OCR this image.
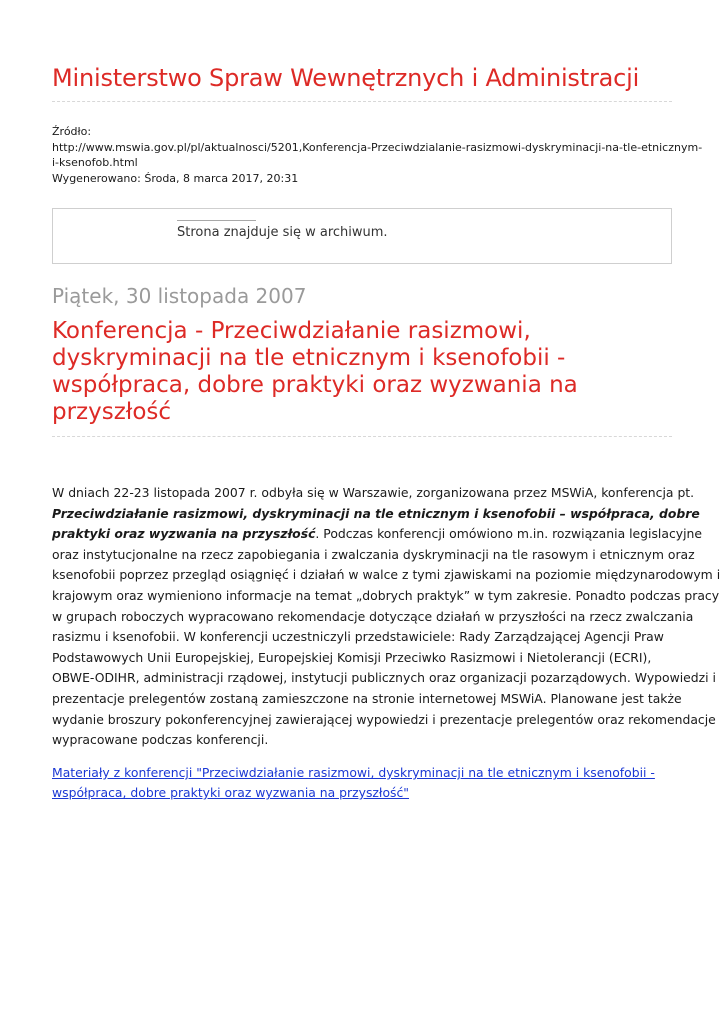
Ministerstwo Spraw Wewnętrznych i Administracji
Źródło:
http://www.mswia.gov.pl/pl/aktualnosci/5201,Konferencja-Przeciwdzialanie-rasizmowi-dyskryminacji-na-tle-etnicznym-
i-ksenofob.html
Wygenerowano: Środa, 8 marca 2017, 20:31
Strona znajduje się w archiwum.
Piątek, 30 listopada 2007
Konferencja - Przeciwdziałanie rasizmowi,
dyskryminacji na tle etnicznym i ksenofobii -
współpraca, dobre praktyki oraz wyzwania na
przyszłość
W dniach 22-23 listopada 2007 r. odbyła się w Warszawie, zorganizowana przez MSWiA, konferencja pt.
Przeciwdziałanie rasizmowi, dyskryminacji na tle etnicznym i ksenofobii – współpraca, dobre
praktyki oraz wyzwania na przyszłość. Podczas konferencji omówiono m.in. rozwiązania legislacyjne
oraz instytucjonalne na rzecz zapobiegania i zwalczania dyskryminacji na tle rasowym i etnicznym oraz
ksenofobii poprzez przegląd osiągnięć i działań w walce z tymi zjawiskami na poziomie międzynarodowym i
krajowym oraz wymieniono informacje na temat „dobrych praktyk” w tym zakresie. Ponadto podczas pracy
w grupach roboczych wypracowano rekomendacje dotyczące działań w przyszłości na rzecz zwalczania
rasizmu i ksenofobii. W konferencji uczestniczyli przedstawiciele: Rady Zarządzającej Agencji Praw
Podstawowych Unii Europejskiej, Europejskiej Komisji Przeciwko Rasizmowi i Nietolerancji (ECRI),
OBWE-ODIHR, administracji rządowej, instytucji publicznych oraz organizacji pozarządowych. Wypowiedzi i
prezentacje prelegentów zostaną zamieszczone na stronie internetowej MSWiA. Planowane jest także
wydanie broszury pokonferencyjnej zawierającej wypowiedzi i prezentacje prelegentów oraz rekomendacje
wypracowane podczas konferencji.
Materiały z konferencji "Przeciwdziałanie rasizmowi, dyskryminacji na tle etnicznym i ksenofobii -
współpraca, dobre praktyki oraz wyzwania na przyszłość"
